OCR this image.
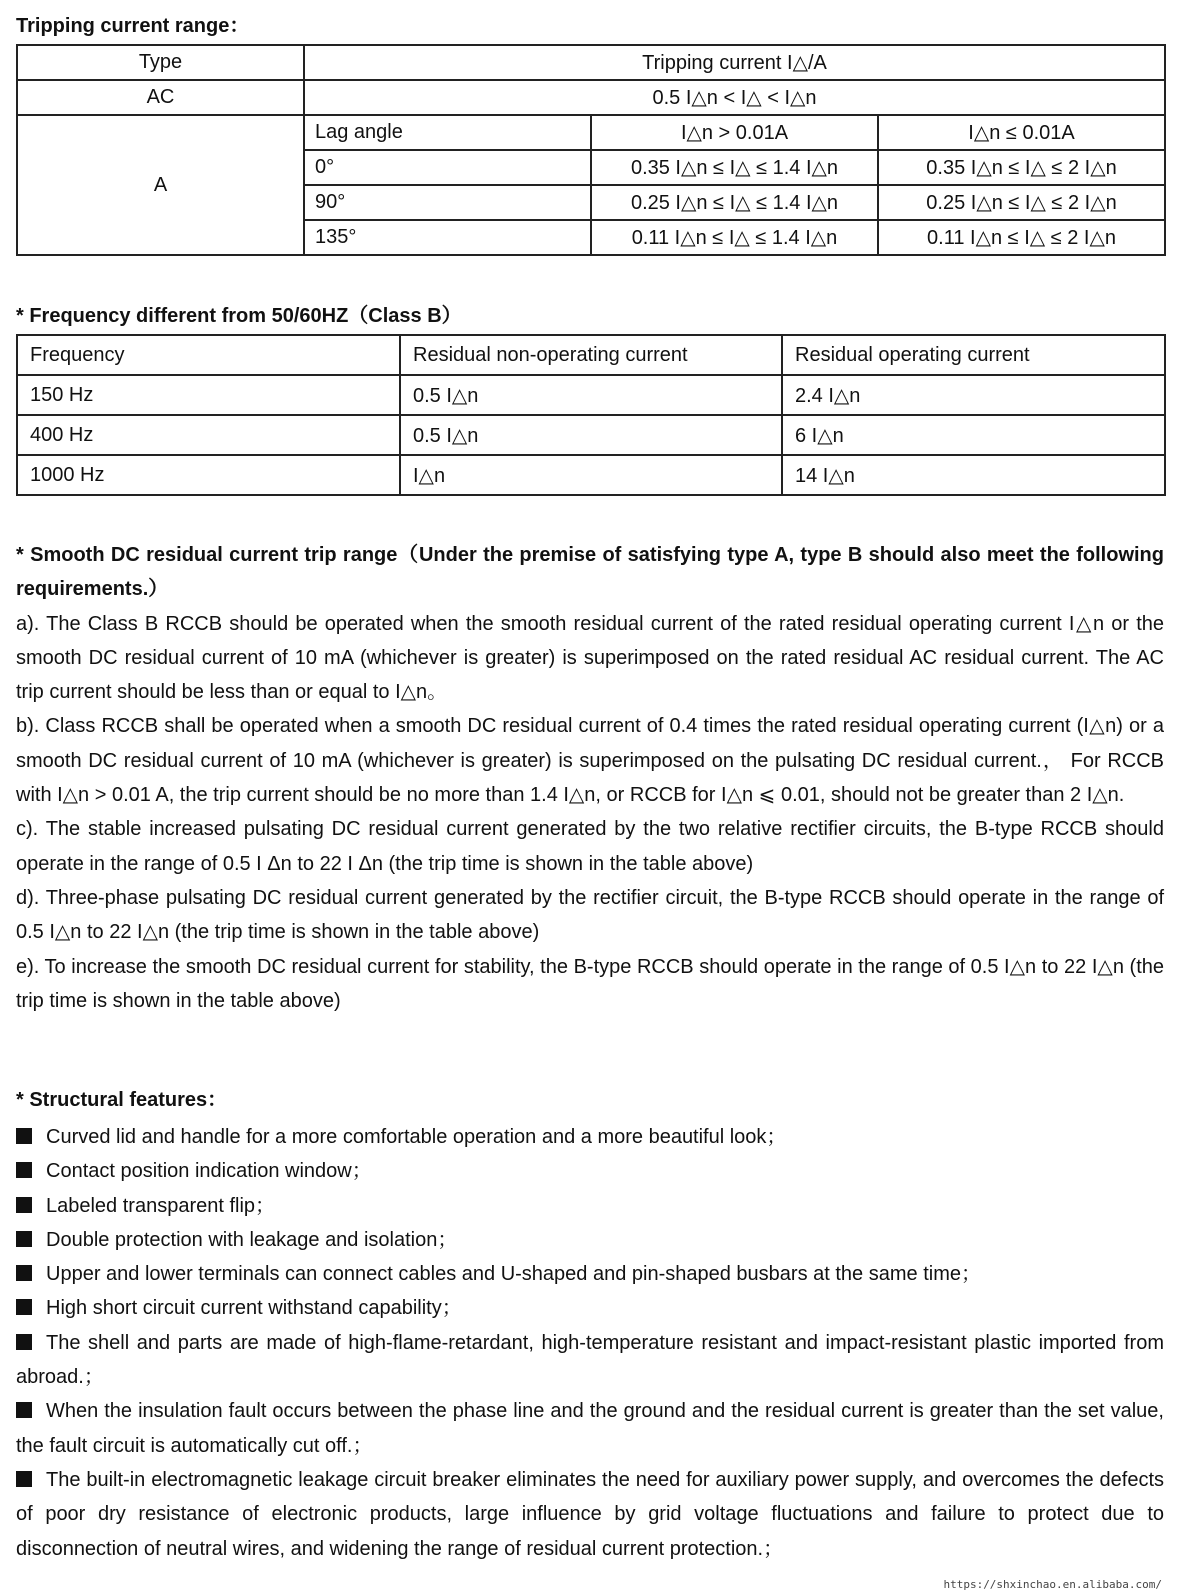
Tripping current range：
Type	Tripping current I△/A		
AC	0.5 I△n < I△ < I△n		
A	Lag angle	I△n > 0.01A	I△n ≤ 0.01A
	0°	0.35 I△n ≤ I△ ≤ 1.4 I△n	0.35 I△n ≤ I△ ≤ 2 I△n
	90°	0.25 I△n ≤ I△ ≤ 1.4 I△n	0.25 I△n ≤ I△ ≤ 2 I△n
	135°	0.11 I△n ≤ I△ ≤ 1.4 I△n	0.11 I△n ≤ I△ ≤ 2 I△n
* Frequency different from 50/60HZ（Class B）
Frequency	Residual non-operating current	Residual operating current
150 Hz	0.5 I△n	2.4 I△n
400 Hz	0.5 I△n	6 I△n
1000 Hz	I△n	14 I△n

* Smooth DC residual current trip range（Under the premise of satisfying type A, type B should also meet the following requirements.）

a). The Class B RCCB should be operated when the smooth residual current of the rated residual operating current I△n or the smooth DC residual current of 10 mA (whichever is greater) is superimposed on the rated residual AC residual current. The AC trip current should be less than or equal to I△n。

b). Class RCCB shall be operated when a smooth DC residual current of 0.4 times the rated residual operating current (I△n) or a smooth DC residual current of 10 mA (whichever is greater) is superimposed on the pulsating DC residual current.， For RCCB with I△n > 0.01 A, the trip current should be no more than 1.4 I△n, or RCCB for I△n ⩽ 0.01, should not be greater than 2 I△n.

c). The stable increased pulsating DC residual current generated by the two relative rectifier circuits, the B-type RCCB should operate in the range of 0.5 I Δn to 22 I Δn (the trip time is shown in the table above)

d). Three-phase pulsating DC residual current generated by the rectifier circuit, the B-type RCCB should operate in the range of 0.5 I△n to 22 I△n (the trip time is shown in the table above)

e). To increase the smooth DC residual current for stability, the B-type RCCB should operate in the range of 0.5 I△n to 22 I△n (the trip time is shown in the table above)

* Structural features：

Curved lid and handle for a more comfortable operation and a more beautiful look；

Contact position indication window；

Labeled transparent flip；

Double protection with leakage and isolation；

Upper and lower terminals can connect cables and U-shaped and pin-shaped busbars at the same time；

High short circuit current withstand capability；

The shell and parts are made of high-flame-retardant, high-temperature resistant and impact-resistant plastic imported from abroad.；

When the insulation fault occurs between the phase line and the ground and the residual current is greater than the set value, the fault circuit is automatically cut off.；

The built-in electromagnetic leakage circuit breaker eliminates the need for auxiliary power supply, and overcomes the defects of poor dry resistance of electronic products, large influence by grid voltage fluctuations and failure to protect due to disconnection of neutral wires, and widening the range of residual current protection.；

https://shxinchao.en.alibaba.com/
